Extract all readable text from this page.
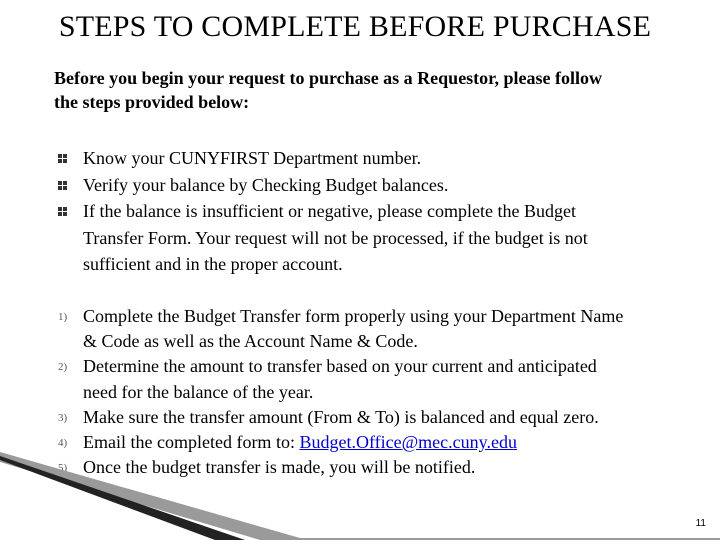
STEPS TO COMPLETE BEFORE PURCHASE
Before you begin your request to purchase as a Requestor, please follow
the steps provided below:
Know your CUNYFIRST Department number.
Verify your balance by Checking Budget balances.
If the balance is insufficient or negative, please complete the Budget
Transfer Form. Your request will not be processed, if the budget is not
sufficient and in the proper account.
1) Complete the Budget Transfer form properly using your Department Name
& Code as well as the Account Name & Code.
2) Determine the amount to transfer based on your current and anticipated
need for the balance of the year.
3) Make sure the transfer amount (From & To) is balanced and equal zero.
4) Email the completed form to: Budget.Office@mec.cuny.edu
5) Once the budget transfer is made, you will be notified.
11
